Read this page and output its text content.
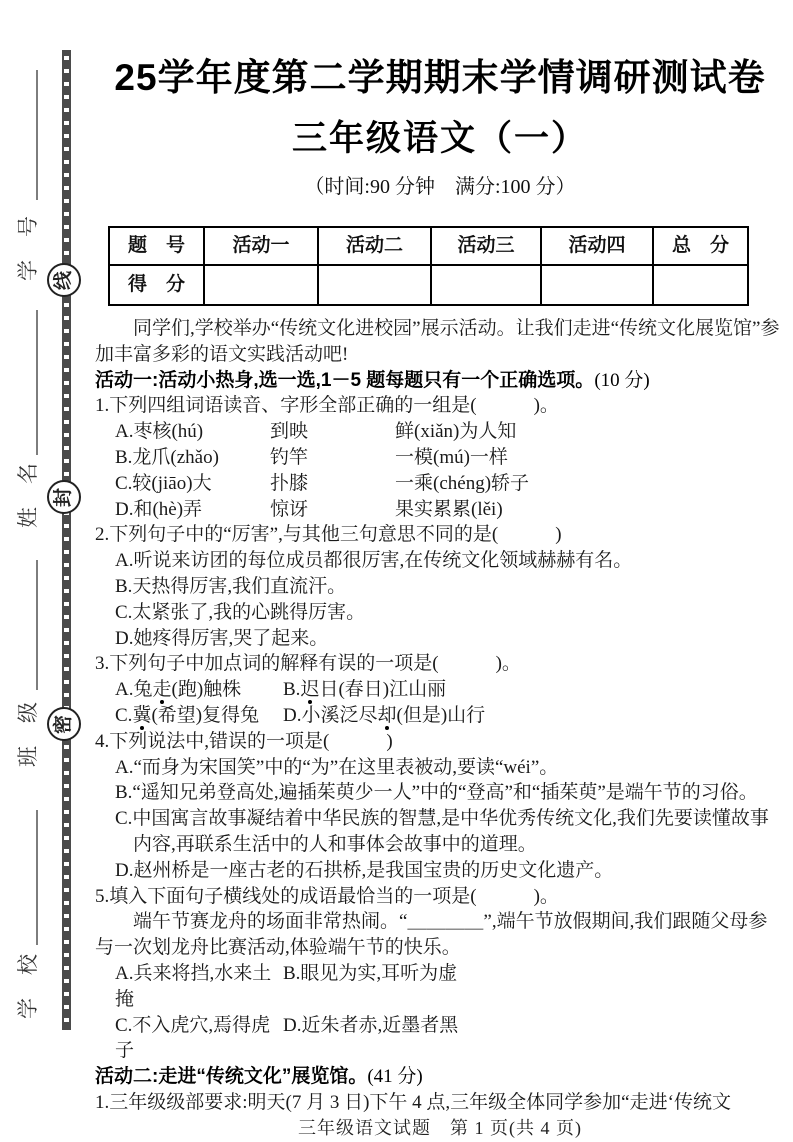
线
封
密
学　号
姓　名
班　级
学　校
25学年度第二学期期末学情调研测试卷
三年级语文（一）
（时间:90 分钟　满分:100 分）
题　号	活动一	活动二	活动三	活动四	总　分
得　分					

同学们,学校举办“传统文化进校园”展示活动。让我们走进“传统文化展览馆”参加丰富多彩的语文实践活动吧!

活动一:活动小热身,选一选,1－5 题每题只有一个正确选项。(10 分)
1.下列四组词语读音、字形全部正确的一组是(　　　)。
A.枣核(hú)	到映	鲜(xiǎn)为人知
B.龙爪(zhǎo)	钓竿	一模(mú)一样
C.较(jiāo)大	扑膝	一乘(chéng)轿子
D.和(hè)弄	惊讶	果实累累(lěi)
2.下列句子中的“厉害”,与其他三句意思不同的是(　　　)
A.听说来访团的每位成员都很厉害,在传统文化领域赫赫有名。
B.天热得厉害,我们直流汗。
C.太紧张了,我的心跳得厉害。
D.她疼得厉害,哭了起来。
3.下列句子中加点词的解释有误的一项是(　　　)。
A.兔走(跑)触株	B.迟日(春日)江山丽
C.冀(希望)复得兔	D.小溪泛尽却(但是)山行
4.下列说法中,错误的一项是(　　　)
A.“而身为宋国笑”中的“为”在这里表被动,要读“wéi”。
B.“遥知兄弟登高处,遍插茱萸少一人”中的“登高”和“插茱萸”是端午节的习俗。
C.中国寓言故事凝结着中华民族的智慧,是中华优秀传统文化,我们先要读懂故事内容,再联系生活中的人和事体会故事中的道理。
D.赵州桥是一座古老的石拱桥,是我国宝贵的历史文化遗产。
5.填入下面句子横线处的成语最恰当的一项是(　　　)。

端午节赛龙舟的场面非常热闹。“＿＿＿＿”,端午节放假期间,我们跟随父母参与一次划龙舟比赛活动,体验端午节的快乐。

A.兵来将挡,水来土掩
B.眼见为实,耳听为虚
C.不入虎穴,焉得虎子
D.近朱者赤,近墨者黑
活动二:走进“传统文化”展览馆。(41 分)
1.三年级级部要求:明天(7 月 3 日)下午 4 点,三年级全体同学参加“走进‘传统文
三年级语文试题　第 1 页(共 4 页)
